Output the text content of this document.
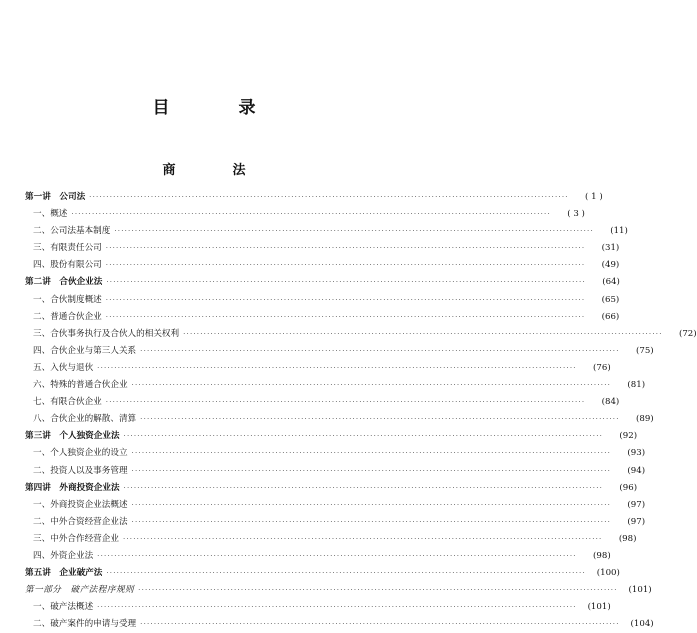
目　录
商　法
第一讲　公司法 ············································································································································	( 1 )
一、概述 ············································································································································	( 3 )
二、公司法基本制度 ············································································································································	(11)
三、有限责任公司 ············································································································································	(31)
四、股份有限公司 ············································································································································	(49)
第二讲　合伙企业法 ············································································································································	(64)
一、合伙制度概述 ············································································································································	(65)
二、普通合伙企业 ············································································································································	(66)
三、合伙事务执行及合伙人的相关权利 ············································································································································	(72)
四、合伙企业与第三人关系 ············································································································································	(75)
五、入伙与退伙 ············································································································································	(76)
六、特殊的普通合伙企业 ············································································································································	(81)
七、有限合伙企业 ············································································································································	(84)
八、合伙企业的解散、清算 ············································································································································	(89)
第三讲　个人独资企业法 ············································································································································	(92)
一、个人独资企业的设立 ············································································································································	(93)
二、投资人以及事务管理 ············································································································································	(94)
第四讲　外商投资企业法 ············································································································································	(96)
一、外商投资企业法概述 ············································································································································	(97)
二、中外合资经营企业法 ············································································································································	(97)
三、中外合作经营企业 ············································································································································	(98)
四、外资企业法 ············································································································································	(98)
第五讲　企业破产法 ············································································································································	(100)
第一部分　破产法程序规则 ············································································································································	(101)
一、破产法概述 ············································································································································	(101)
二、破产案件的申请与受理 ············································································································································	(104)
